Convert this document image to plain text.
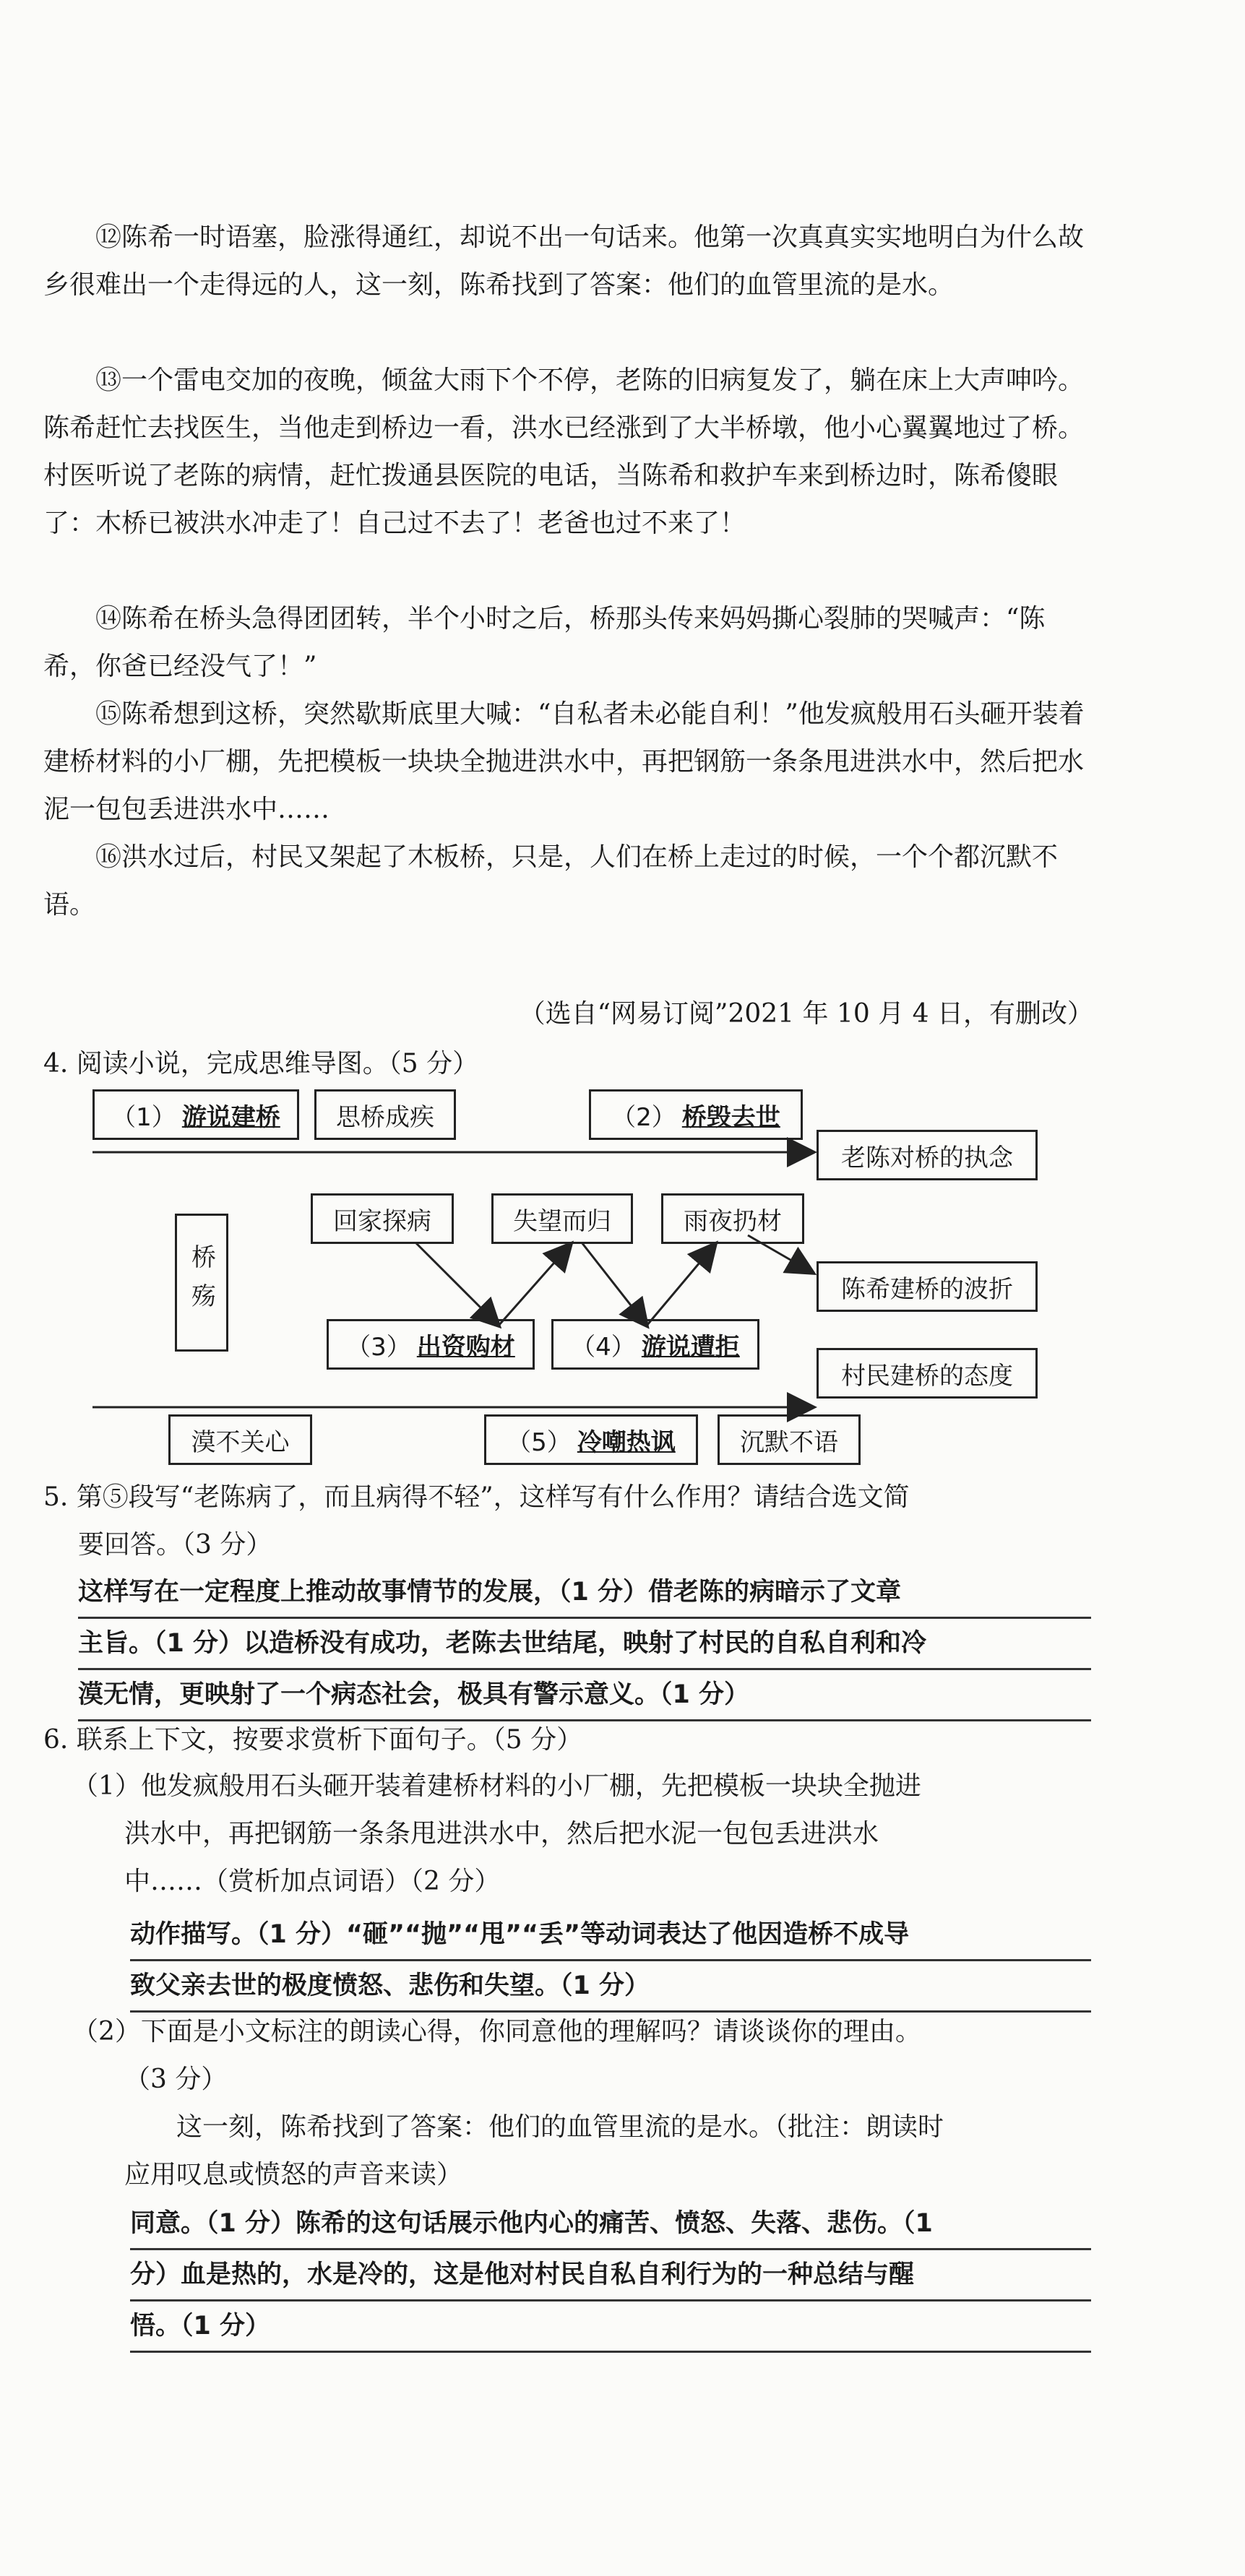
⑫陈希一时语塞，脸涨得通红，却说不出一句话来。他第一次真真实实地明白为什么故乡很难出一个走得远的人，这一刻，陈希找到了答案：他们的血管里流的是水。

⑬一个雷电交加的夜晚，倾盆大雨下个不停，老陈的旧病复发了，躺在床上大声呻吟。陈希赶忙去找医生，当他走到桥边一看，洪水已经涨到了大半桥墩，他小心翼翼地过了桥。村医听说了老陈的病情，赶忙拨通县医院的电话，当陈希和救护车来到桥边时，陈希傻眼了：木桥已被洪水冲走了！自己过不去了！老爸也过不来了！

⑭陈希在桥头急得团团转，半个小时之后，桥那头传来妈妈撕心裂肺的哭喊声：“陈希，你爸已经没气了！”

⑮陈希想到这桥，突然歇斯底里大喊：“自私者未必能自利！”他发疯般用石头砸开装着建桥材料的小厂棚，先把模板一块块全抛进洪水中，再把钢筋一条条甩进洪水中，然后把水泥一包包丢进洪水中……

⑯洪水过后，村民又架起了木板桥，只是，人们在桥上走过的时候，一个个都沉默不语。

（选自“网易订阅”2021 年 10 月 4 日，有删改）
4. 阅读小说，完成思维导图。（5 分）
（1） 游说建桥	思桥成疾	（2） 桥毁去世
老陈对桥的执念
桥殇
回家探病	失望而归	雨夜扔材
陈希建桥的波折
（3） 出资购材 （4） 游说遭拒
村民建桥的态度
漠不关心	（5） 冷嘲热讽	沉默不语
5. 第⑤段写“老陈病了，而且病得不轻”，这样写有什么作用？请结合选文简
要回答。（3 分）
这样写在一定程度上推动故事情节的发展，（1 分）借老陈的病暗示了文章
主旨。（1 分）以造桥没有成功，老陈去世结尾，映射了村民的自私自利和冷
漠无情，更映射了一个病态社会，极具有警示意义。（1 分）
6. 联系上下文，按要求赏析下面句子。（5 分）
（1）他发疯般用石头砸开装着建桥材料的小厂棚，先把模板一块块全抛进
洪水中，再把钢筋一条条甩进洪水中，然后把水泥一包包丢进洪水
中……（赏析加点词语）（2 分）
动作描写。（1 分）“砸”“抛”“甩”“丢”等动词表达了他因造桥不成导
致父亲去世的极度愤怒、悲伤和失望。（1 分）
（2）下面是小文标注的朗读心得，你同意他的理解吗？请谈谈你的理由。
（3 分）
这一刻，陈希找到了答案：他们的血管里流的是水。（批注：朗读时
应用叹息或愤怒的声音来读）
同意。（1 分）陈希的这句话展示他内心的痛苦、愤怒、失落、悲伤。（1
分）血是热的，水是冷的，这是他对村民自私自利行为的一种总结与醒
悟。（1 分）
